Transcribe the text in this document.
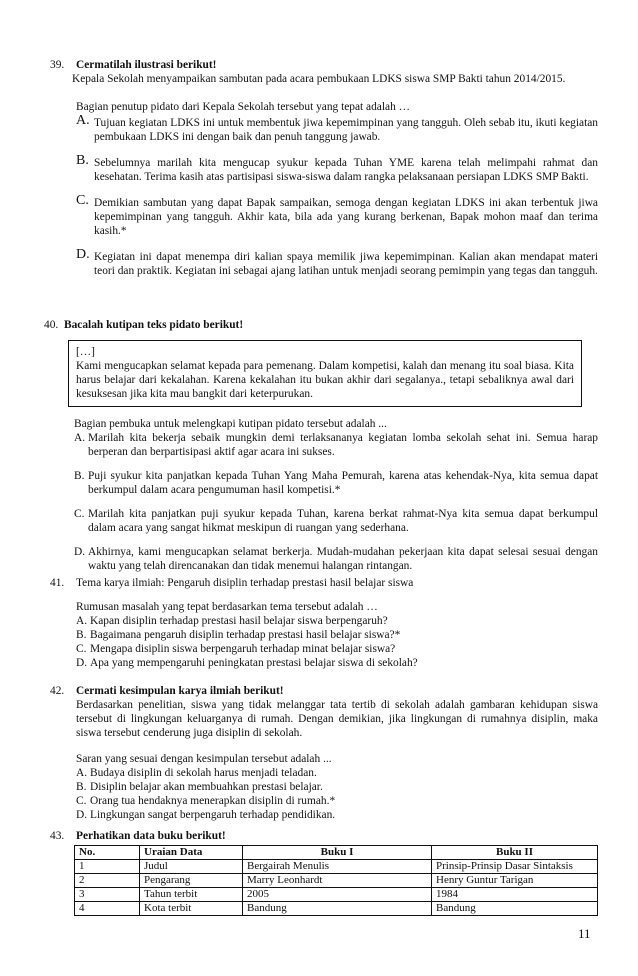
39. Cermatilah ilustrasi berikut!

Kepala Sekolah menyampaikan sambutan pada acara pembukaan LDKS siswa SMP Bakti tahun 2014/2015.

Bagian penutup pidato dari Kepala Sekolah tersebut yang tepat adalah …

A. Tujuan kegiatan LDKS ini untuk membentuk jiwa kepemimpinan yang tangguh. Oleh sebab itu, ikuti kegiatan pembukaan LDKS ini dengan baik dan penuh tanggung jawab.
B. Sebelumnya marilah kita mengucap syukur kepada Tuhan YME karena telah melimpahi rahmat dan kesehatan. Terima kasih atas partisipasi siswa-siswa dalam rangka pelaksanaan persiapan LDKS SMP Bakti.
C. Demikian sambutan yang dapat Bapak sampaikan, semoga dengan kegiatan LDKS ini akan terbentuk jiwa kepemimpinan yang tangguh. Akhir kata, bila ada yang kurang berkenan, Bapak mohon maaf dan terima kasih.*
D. Kegiatan ini dapat menempa diri kalian spaya memilik jiwa kepemimpinan. Kalian akan mendapat materi teori dan praktik. Kegiatan ini sebagai ajang latihan untuk menjadi seorang pemimpin yang tegas dan tangguh.
40. Bacalah kutipan teks pidato berikut!

[…]

Kami mengucapkan selamat kepada para pemenang. Dalam kompetisi, kalah dan menang itu soal biasa. Kita harus belajar dari kekalahan. Karena kekalahan itu bukan akhir dari segalanya., tetapi sebaliknya awal dari kesuksesan jika kita mau bangkit dari keterpurukan.

Bagian pembuka untuk melengkapi kutipan pidato tersebut adalah ...

A. Marilah kita bekerja sebaik mungkin demi terlaksananya kegiatan lomba sekolah sehat ini. Semua harap berperan dan berpartisipasi aktif agar acara ini sukses.
B. Puji syukur kita panjatkan kepada Tuhan Yang Maha Pemurah, karena atas kehendak-Nya, kita semua dapat berkumpul dalam acara pengumuman hasil kompetisi.*
C. Marilah kita panjatkan puji syukur kepada Tuhan, karena berkat rahmat-Nya kita semua dapat berkumpul dalam acara yang sangat hikmat meskipun di ruangan yang sederhana.
D. Akhirnya, kami mengucapkan selamat berkerja. Mudah-mudahan pekerjaan kita dapat selesai sesuai dengan waktu yang telah direncanakan dan tidak menemui halangan rintangan.
41. Tema karya ilmiah: Pengaruh disiplin terhadap prestasi hasil belajar siswa

Rumusan masalah yang tepat berdasarkan tema tersebut adalah …

A. Kapan disiplin terhadap prestasi hasil belajar siswa berpengaruh?
B. Bagaimana pengaruh disiplin terhadap prestasi hasil belajar siswa?*
C. Mengapa disiplin siswa berpengaruh terhadap minat belajar siswa?
D. Apa yang mempengaruhi peningkatan prestasi belajar siswa di sekolah?
42. Cermati kesimpulan karya ilmiah berikut!

Berdasarkan penelitian, siswa yang tidak melanggar tata tertib di sekolah adalah gambaran kehidupan siswa tersebut di lingkungan keluarganya di rumah. Dengan demikian, jika lingkungan di rumahnya disiplin, maka siswa tersebut cenderung juga disiplin di sekolah.

Saran yang sesuai dengan kesimpulan tersebut adalah ...

A. Budaya disiplin di sekolah harus menjadi teladan.
B. Disiplin belajar akan membuahkan prestasi belajar.
C. Orang tua hendaknya menerapkan disiplin di rumah.*
D. Lingkungan sangat berpengaruh terhadap pendidikan.
43. Perhatikan data buku berikut!

No.	Uraian Data	Buku I	Buku II
1	Judul	Bergairah Menulis	Prinsip-Prinsip Dasar Sintaksis
2	Pengarang	Marry Leonhardt	Henry Guntur Tarigan
3	Tahun terbit	2005	1984
4	Kota terbit	Bandung	Bandung
11
